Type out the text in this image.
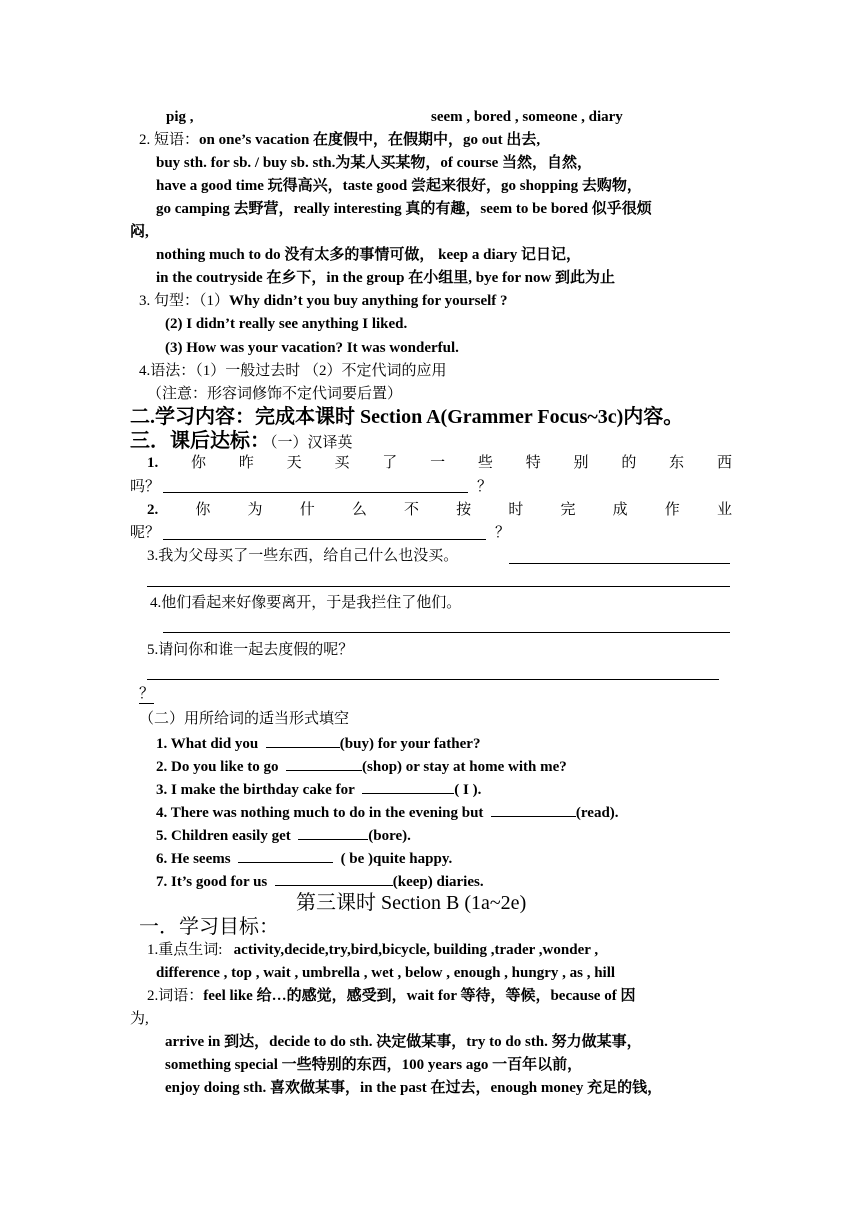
pig ,	seem , bored , someone , diary
2. 短语：on one’s vacation 在度假中，在假期中，go out 出去,
buy sth. for sb. / buy sb. sth.为某人买某物，of course 当然，自然，
have a good time 玩得高兴，taste good 尝起来很好，go shopping 去购物，
go camping 去野营，really interesting 真的有趣，seem to be bored 似乎很烦
闷,
nothing much to do 没有太多的事情可做， keep a diary 记日记，
in the coutryside 在乡下，in the group 在小组里, bye for now 到此为止
3. 句型：（1）Why didn’t you buy anything for yourself ?
(2) I didn’t really see anything I liked.
(3) How was your vacation? It was wonderful.
4.语法：（1）一般过去时 （2）不定代词的应用
（注意：形容词修饰不定代词要后置）
二.学习内容：完成本课时 Section A(Grammer Focus~3c)内容。
三．课后达标：（一）汉译英
1. 你 昨 天 买 了 一 些 特 别 的 东 西
吗？	？
2. 你 为 什 么 不 按 时 完 成 作 业
呢？	？
3.我为父母买了一些东西，给自己什么也没买。
4.他们看起来好像要离开，于是我拦住了他们。
5.请问你和谁一起去度假的呢？
？
（二）用所给词的适当形式填空
1. What did you	(buy) for your father?
2. Do you like to go	(shop) or stay at home with me?
3. I make the birthday cake for	( I ).
4. There was nothing much to do in the evening but	(read).
5. Children easily get	(bore).
6. He seems	( be )quite happy.
7. It’s good for us	(keep) diaries.
第三课时 Section B (1a~2e)
一．学习目标：
1.重点生词: activity,decide,try,bird,bicycle, building ,trader ,wonder ,
difference , top , wait , umbrella , wet , below , enough , hungry , as , hill
2.词语：feel like 给…的感觉，感受到，wait for 等待，等候，because of 因
为,
arrive in 到达，decide to do sth. 决定做某事，try to do sth. 努力做某事，
something special 一些特别的东西，100 years ago 一百年以前，
enjoy doing sth. 喜欢做某事，in the past 在过去，enough money 充足的钱，
